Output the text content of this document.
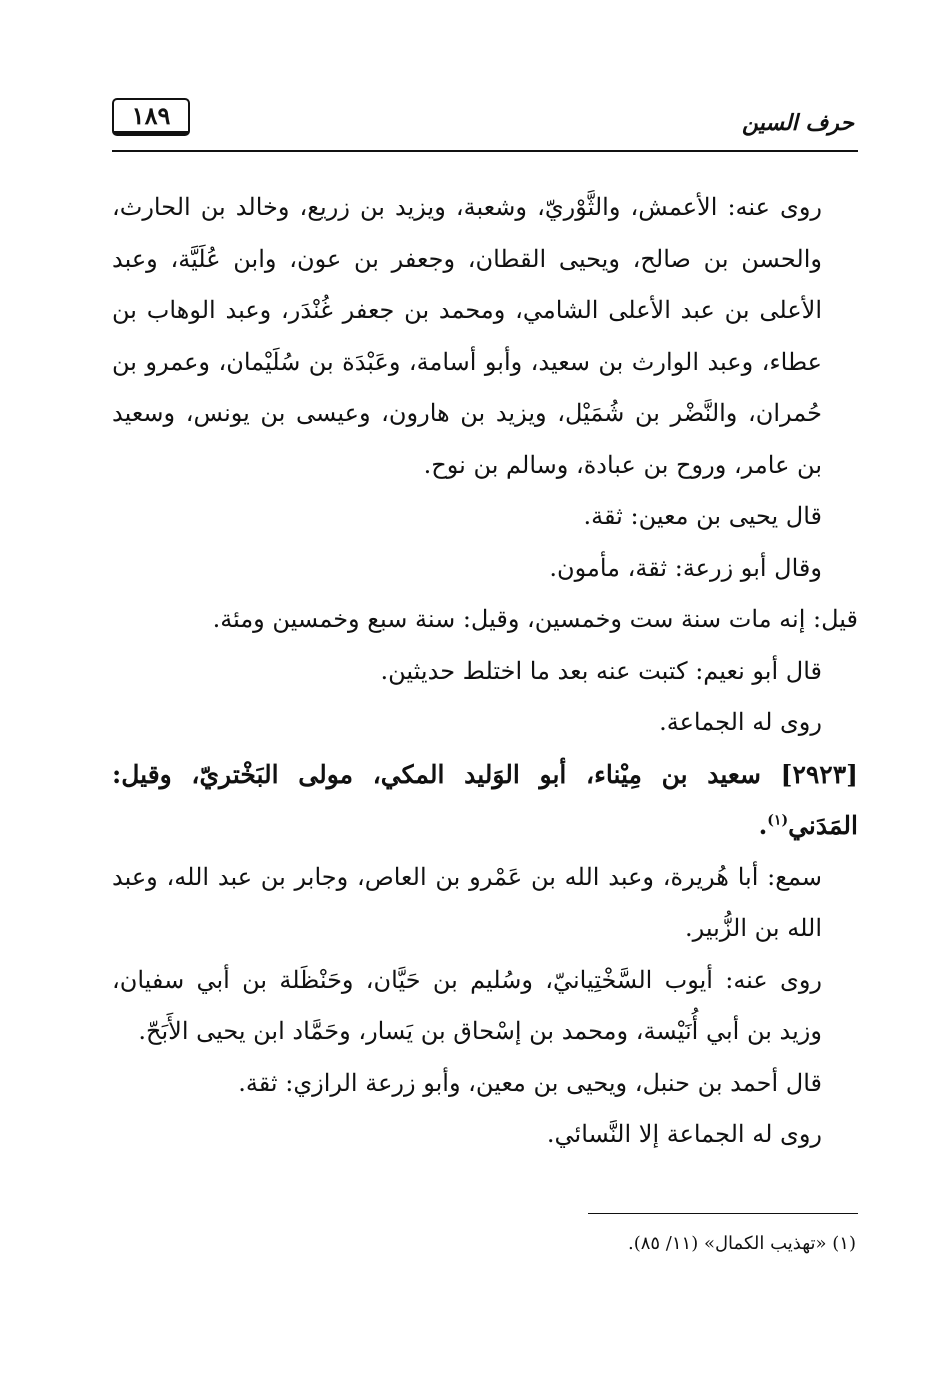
١٨٩	حرف السين

روى عنه: الأعمش، والثَّوْريّ، وشعبة، ويزيد بن زريع، وخالد بن الحارث، والحسن بن صالح، ويحيى القطان، وجعفر بن عون، وابن عُلَيَّة، وعبد الأعلى بن عبد الأعلى الشامي، ومحمد بن جعفر غُنْدَر، وعبد الوهاب بن عطاء، وعبد الوارث بن سعيد، وأبو أسامة، وعَبْدَة بن سُلَيْمان، وعمرو بن حُمران، والنَّضْر بن شُمَيْل، ويزيد بن هارون، وعيسى بن يونس، وسعيد بن عامر، وروح بن عبادة، وسالم بن نوح.

قال يحيى بن معين: ثقة.

وقال أبو زرعة: ثقة، مأمون.

قيل: إنه مات سنة ست وخمسين، وقيل: سنة سبع وخمسين ومئة.

قال أبو نعيم: كتبت عنه بعد ما اختلط حديثين.

روى له الجماعة.

[٢٩٢٣] سعيد بن مِيْناء، أبو الوَليد المكي، مولى البَخْتريّ، وقيل: المَدَني$^{(١)}$.

سمع: أبا هُريرة، وعبد الله بن عَمْرو بن العاص، وجابر بن عبد الله، وعبد الله بن الزُّبير.

روى عنه: أيوب السَّخْتِيانيّ، وسُليم بن حَيَّان، وحَنْظَلة بن أبي سفيان، وزيد بن أبي أُنَيْسة، ومحمد بن إسْحاق بن يَسار، وحَمَّاد ابن يحيى الأَبَحّ.

قال أحمد بن حنبل، ويحيى بن معين، وأبو زرعة الرازي: ثقة.

روى له الجماعة إلا النَّسائي.

(١) «تهذيب الكمال» (١١/ ٨٥).
